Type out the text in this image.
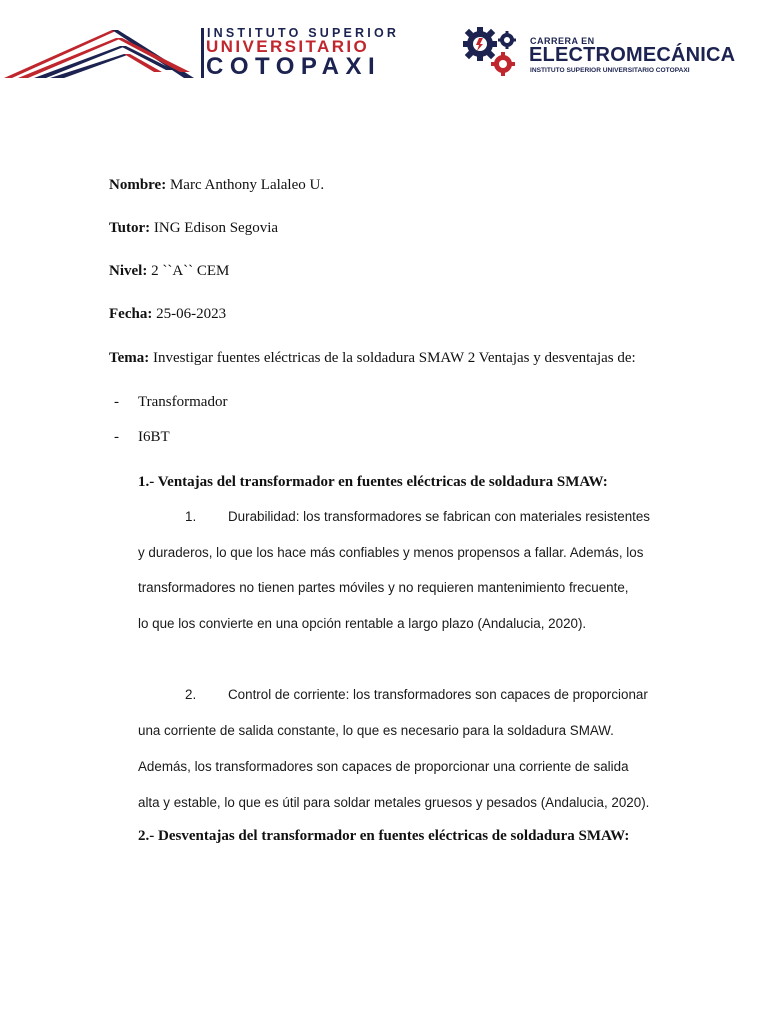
INSTITUTO SUPERIOR
UNIVERSITARIO
COTOPAXI
CARRERA EN
ELECTROMECÁNICA
INSTITUTO SUPERIOR UNIVERSITARIO COTOPAXI
Nombre: Marc Anthony Lalaleo U.
Tutor: ING Edison Segovia
Nivel: 2 ``A`` CEM
Fecha: 25-06-2023
Tema: Investigar fuentes eléctricas de la soldadura SMAW 2 Ventajas y desventajas de:
- Transformador
- I6BT
1.- Ventajas del transformador en fuentes eléctricas de soldadura SMAW:
1. Durabilidad: los transformadores se fabrican con materiales resistentes
y duraderos, lo que los hace más confiables y menos propensos a fallar. Además, los
transformadores no tienen partes móviles y no requieren mantenimiento frecuente,
lo que los convierte en una opción rentable a largo plazo (Andalucia, 2020).
2. Control de corriente: los transformadores son capaces de proporcionar
una corriente de salida constante, lo que es necesario para la soldadura SMAW.
Además, los transformadores son capaces de proporcionar una corriente de salida
alta y estable, lo que es útil para soldar metales gruesos y pesados (Andalucia, 2020).
2.- Desventajas del transformador en fuentes eléctricas de soldadura SMAW:
